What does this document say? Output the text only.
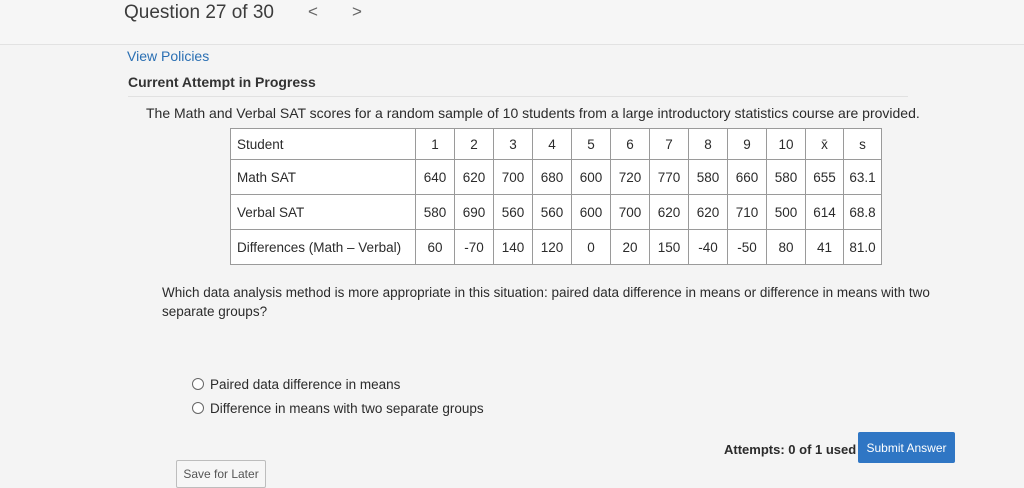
Question 27 of 30 < >
View Policies
Current Attempt in Progress
The Math and Verbal SAT scores for a random sample of 10 students from a large introductory statistics course are provided.
Student	1	2	3	4	5	6	7	8	9	10	x̄	s
Math SAT	640	620	700	680	600	720	770	580	660	580	655	63.1
Verbal SAT	580	690	560	560	600	700	620	620	710	500	614	68.8
Differences (Math – Verbal)	60	-70	140	120	0	20	150	-40	-50	80	41	81.0
Which data analysis method is more appropriate in this situation: paired data difference in means or difference in means with two separate groups?
Paired data difference in means
Difference in means with two separate groups
Attempts: 0 of 1 used Submit Answer
Save for Later
